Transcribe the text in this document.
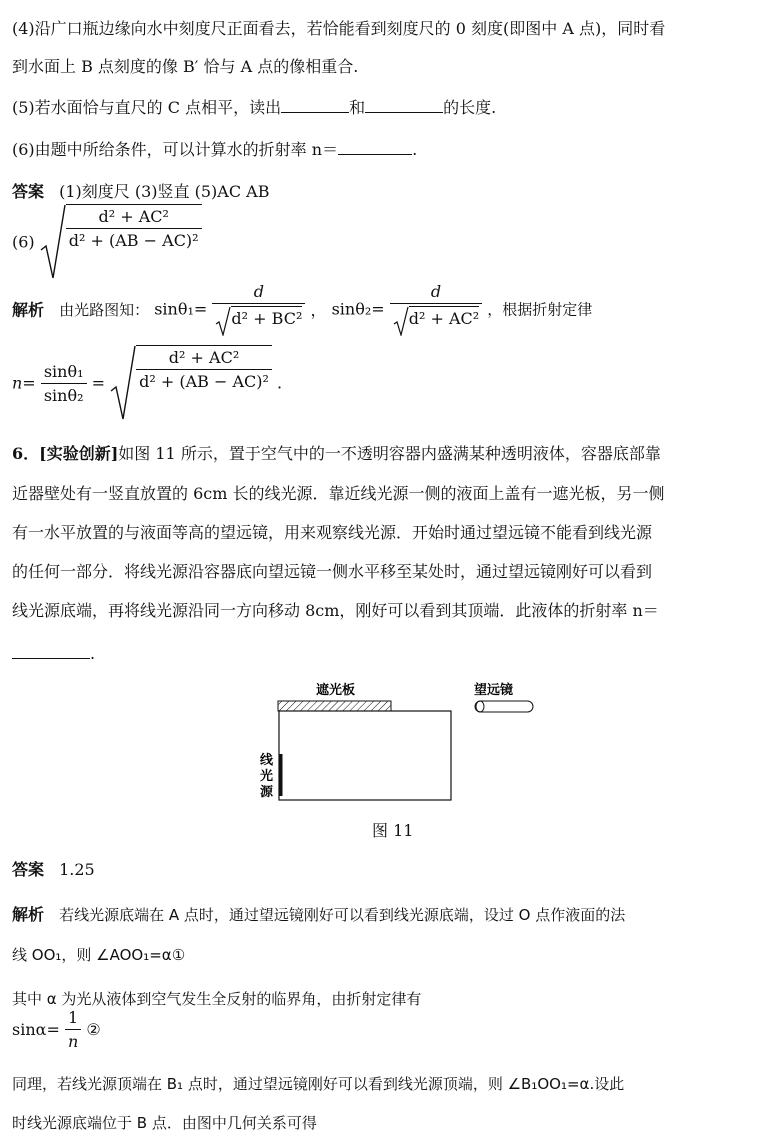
(4)沿广口瓶边缘向水中刻度尺正面看去，若恰能看到刻度尺的 0 刻度(即图中 A 点)，同时看
到水面上 B 点刻度的像 B′ 恰与 A 点的像相重合.
(5)若水面恰与直尺的 C 点相平，读出	和	的长度.
(6)由题中所给条件，可以计算水的折射率 n＝	.
答案 (1)刻度尺 (3)竖直 (5)AC AB
$(6) \frac{\text{d² + AC²}}{\text{d² + (AB − AC)²}}$
解析 由光路图知： $\sin\theta_1= \frac{d}{\text{d² + BC²}}$ ， $\sin\theta_2= \frac{d}{\text{d² + AC²}}$ ，根据折射定律
$n= \frac{\text{sinθ₁}}{\text{sinθ₂}} = \frac{\text{d² + AC²}}{\text{d² + (AB − AC)²}}$ .
6．[实验创新]如图 11 所示，置于空气中的一不透明容器内盛满某种透明液体，容器底部靠
近器壁处有一竖直放置的 6cm 长的线光源．靠近线光源一侧的液面上盖有一遮光板，另一侧
有一水平放置的与液面等高的望远镜，用来观察线光源．开始时通过望远镜不能看到线光源
的任何一部分．将线光源沿容器底向望远镜一侧水平移至某处时，通过望远镜刚好可以看到
线光源底端，再将线光源沿同一方向移动 8cm，刚好可以看到其顶端．此液体的折射率 n＝
.
遮光板	望远镜
线
光
源
图 11
答案 1.25
解析 若线光源底端在 A 点时，通过望远镜刚好可以看到线光源底端，设过 O 点作液面的法
线 OO₁，则 ∠AOO₁=α①
其中 α 为光从液体到空气发生全反射的临界角，由折射定律有
$\sin\alpha= \frac{1}{n}$ ②
同理，若线光源顶端在 B₁ 点时，通过望远镜刚好可以看到线光源顶端，则 ∠B₁OO₁=α.设此
时线光源底端位于 B 点．由图中几何关系可得
